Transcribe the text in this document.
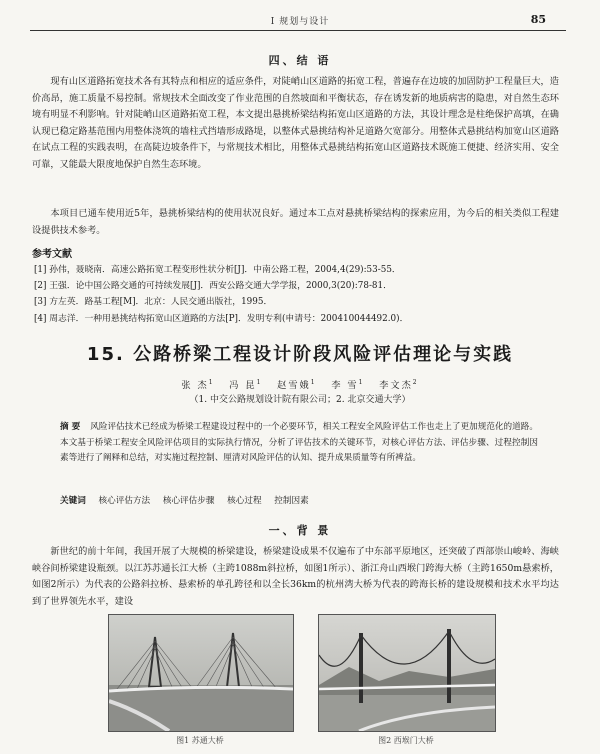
Ⅰ 规划与设计	85
四、结 语
现有山区道路拓宽技术各有其特点和相应的适应条件，对陡峭山区道路的拓宽工程，普遍存在边坡的加固防护工程量巨大，造价高昂，施工质量不易控制。常规技术全面改变了作业范围的自然坡面和平衡状态，存在诱发新的地质病害的隐患，对自然生态环境有明显不利影响。针对陡峭山区道路拓宽工程，本文提出悬挑桥梁结构拓宽山区道路的方法，其设计理念是柱绝保护高填，在确认现已稳定路基范围内用整体浇筑的墙柱式挡墙形成路堤，以整体式悬挑结构补足道路欠宽部分。用整体式悬挑结构加宽山区道路在试点工程的实践表明，在高陡边坡条件下，与常规技术相比，用整体式悬挑结构拓宽山区道路技术既施工便捷、经济实用、安全可靠，又能最大限度地保护自然生态环境。
本项目已通车使用近5年，悬挑桥梁结构的使用状况良好。通过本工点对悬挑桥梁结构的探索应用，为今后的相关类似工程建设提供技术参考。
参考文献
[1] 孙伟，聂晓南．高速公路拓宽工程变形性状分析[J]．中南公路工程，2004,4(29):53-55．
[2] 王强．论中国公路交通的可持续发展[J]．西安公路交通大学学报，2000,3(20):78-81．
[3] 方左英．路基工程[M]．北京：人民交通出版社，1995．
[4] 周志洋．一种用悬挑结构拓宽山区道路的方法[P]．发明专利(申请号：200410044492.0)．
15. 公路桥梁工程设计阶段风险评估理论与实践
张 杰$^1$ 冯 昆$^1$ 赵雪娥$^1$ 李 雪$^1$ 李文杰$^2$
（1. 中交公路规划设计院有限公司；2. 北京交通大学）
摘 要 风险评估技术已经成为桥梁工程建设过程中的一个必要环节，相关工程安全风险评估工作也走上了更加规范化的道路。本文基于桥梁工程安全风险评估项目的实际执行情况，分析了评估技术的关键环节，对核心评估方法、评估步骤、过程控制因素等进行了阐释和总结，对实施过程控制、厘清对风险评估的认知、提升成果质量等有所裨益。
关键词 核心评估方法 核心评估步骤 核心过程 控制因素
一、背 景
新世纪的前十年间，我国开展了大规模的桥梁建设，桥梁建设成果不仅遍布了中东部平原地区，还突破了西部崇山峻岭、海峡峡谷间桥梁建设瓶颈。以江苏苏通长江大桥（主跨1088m斜拉桥，如图1所示）、浙江舟山西堠门跨海大桥（主跨1650m悬索桥，如图2所示）为代表的公路斜拉桥、悬索桥的单孔跨径和以全长36km的杭州湾大桥为代表的跨海长桥的建设规模和技术水平均达到了世界领先水平，建设
图1 苏通大桥	图2 西堠门大桥
